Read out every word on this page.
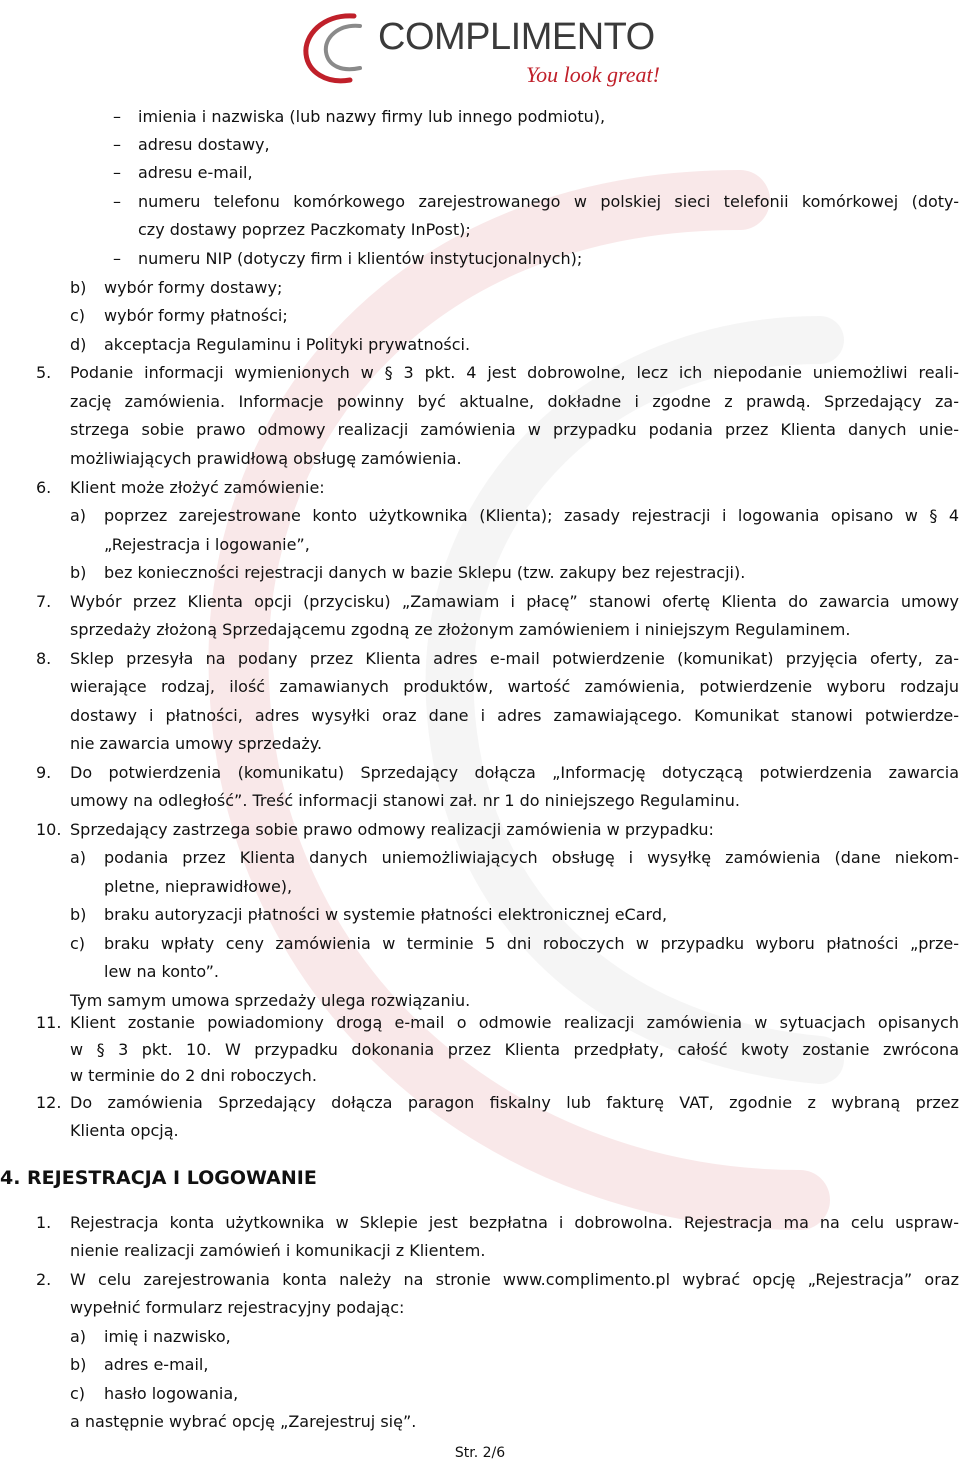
COMPLIMENTO
You look great!
– imienia i nazwiska (lub nazwy firmy lub innego podmiotu),
– adresu dostawy,
– adresu e-mail,
– numeru telefonu komórkowego zarejestrowanego w polskiej sieci telefonii komórkowej (doty-
czy dostawy poprzez Paczkomaty InPost);
– numeru NIP (dotyczy firm i klientów instytucjonalnych);
b) wybór formy dostawy;
c) wybór formy płatności;
d) akceptacja Regulaminu i Polityki prywatności.
5. Podanie informacji wymienionych w § 3 pkt. 4 jest dobrowolne, lecz ich niepodanie uniemożliwi reali-
zację zamówienia. Informacje powinny być aktualne, dokładne i zgodne z prawdą. Sprzedający za-
strzega sobie prawo odmowy realizacji zamówienia w przypadku podania przez Klienta danych unie-
możliwiających prawidłową obsługę zamówienia.
6. Klient może złożyć zamówienie:
a) poprzez zarejestrowane konto użytkownika (Klienta); zasady rejestracji i logowania opisano w § 4
„Rejestracja i logowanie”,
b) bez konieczności rejestracji danych w bazie Sklepu (tzw. zakupy bez rejestracji).
7. Wybór przez Klienta opcji (przycisku) „Zamawiam i płacę” stanowi ofertę Klienta do zawarcia umowy
sprzedaży złożoną Sprzedającemu zgodną ze złożonym zamówieniem i niniejszym Regulaminem.
8. Sklep przesyła na podany przez Klienta adres e-mail potwierdzenie (komunikat) przyjęcia oferty, za-
wierające rodzaj, ilość zamawianych produktów, wartość zamówienia, potwierdzenie wyboru rodzaju
dostawy i płatności, adres wysyłki oraz dane i adres zamawiającego. Komunikat stanowi potwierdze-
nie zawarcia umowy sprzedaży.
9. Do potwierdzenia (komunikatu) Sprzedający dołącza „Informację dotyczącą potwierdzenia zawarcia
umowy na odległość”. Treść informacji stanowi zał. nr 1 do niniejszego Regulaminu.
10. Sprzedający zastrzega sobie prawo odmowy realizacji zamówienia w przypadku:
a) podania przez Klienta danych uniemożliwiających obsługę i wysyłkę zamówienia (dane niekom-
pletne, nieprawidłowe),
b) braku autoryzacji płatności w systemie płatności elektronicznej eCard,
c) braku wpłaty ceny zamówienia w terminie 5 dni roboczych w przypadku wyboru płatności „prze-
lew na konto”.
Tym samym umowa sprzedaży ulega rozwiązaniu.
11. Klient zostanie powiadomiony drogą e-mail o odmowie realizacji zamówienia w sytuacjach opisanych
w § 3 pkt. 10. W przypadku dokonania przez Klienta przedpłaty, całość kwoty zostanie zwrócona
w terminie do 2 dni roboczych.
12. Do zamówienia Sprzedający dołącza paragon fiskalny lub fakturę VAT, zgodnie z wybraną przez
Klienta opcją.
1. Rejestracja konta użytkownika w Sklepie jest bezpłatna i dobrowolna. Rejestracja ma na celu uspraw-
nienie realizacji zamówień i komunikacji z Klientem.
2. W celu zarejestrowania konta należy na stronie www.complimento.pl wybrać opcję „Rejestracja” oraz
wypełnić formularz rejestracyjny podając:
a) imię i nazwisko,
b) adres e-mail,
c) hasło logowania,
a następnie wybrać opcję „Zarejestruj się”.
4. REJESTRACJA I LOGOWANIE
Str. 2/6
